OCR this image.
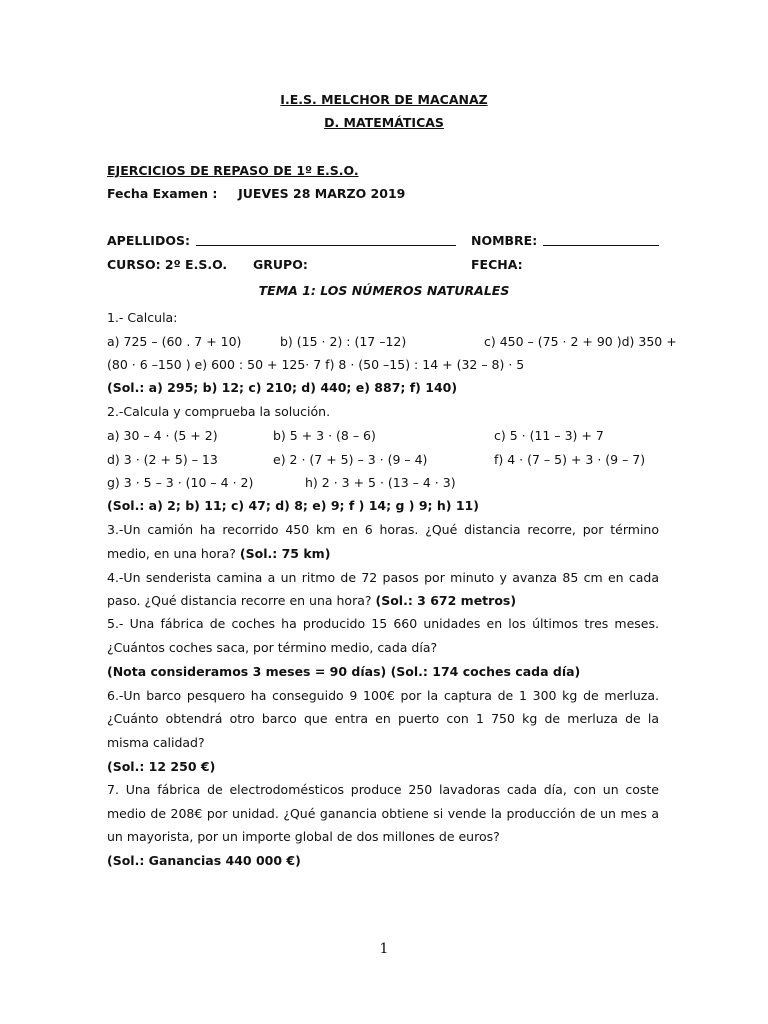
I.E.S. MELCHOR DE MACANAZ
D. MATEMÁTICAS
EJERCICIOS DE REPASO DE 1º E.S.O.
Fecha Examen : JUEVES 28 MARZO 2019
APELLIDOS:	NOMBRE:
CURSO: 2º E.S.O. GRUPO:	FECHA:
TEMA 1: LOS NÚMEROS NATURALES
1.- Calcula:
a) 725 – (60 . 7 + 10)	b) (15 · 2) : (17 –12)	c) 450 – (75 · 2 + 90 )d) 350 +
(80 · 6 –150 ) e) 600 : 50 + 125· 7 f) 8 · (50 –15) : 14 + (32 – 8) · 5
(Sol.: a) 295; b) 12; c) 210; d) 440; e) 887; f) 140)
2.-Calcula y comprueba la solución.
a) 30 – 4 · (5 + 2)	b) 5 + 3 · (8 – 6)	c) 5 · (11 – 3) + 7
d) 3 · (2 + 5) – 13	e) 2 · (7 + 5) – 3 · (9 – 4)	f) 4 · (7 – 5) + 3 · (9 – 7)
g) 3 · 5 – 3 · (10 – 4 · 2)	h) 2 · 3 + 5 · (13 – 4 · 3)
(Sol.: a) 2; b) 11; c) 47; d) 8; e) 9; f ) 14; g ) 9; h) 11)
3.-Un camión ha recorrido 450 km en 6 horas. ¿Qué distancia recorre, por término
medio, en una hora? (Sol.: 75 km)
4.-Un senderista camina a un ritmo de 72 pasos por minuto y avanza 85 cm en cada
paso. ¿Qué distancia recorre en una hora? (Sol.: 3 672 metros)
5.- Una fábrica de coches ha producido 15 660 unidades en los últimos tres meses.
¿Cuántos coches saca, por término medio, cada día?
(Nota consideramos 3 meses = 90 días) (Sol.: 174 coches cada día)
6.-Un barco pesquero ha conseguido 9 100€ por la captura de 1 300 kg de merluza.
¿Cuánto obtendrá otro barco que entra en puerto con 1 750 kg de merluza de la
misma calidad?
(Sol.: 12 250 €)
7. Una fábrica de electrodomésticos produce 250 lavadoras cada día, con un coste
medio de 208€ por unidad. ¿Qué ganancia obtiene si vende la producción de un mes a
un mayorista, por un importe global de dos millones de euros?
(Sol.: Ganancias 440 000 €)
1
